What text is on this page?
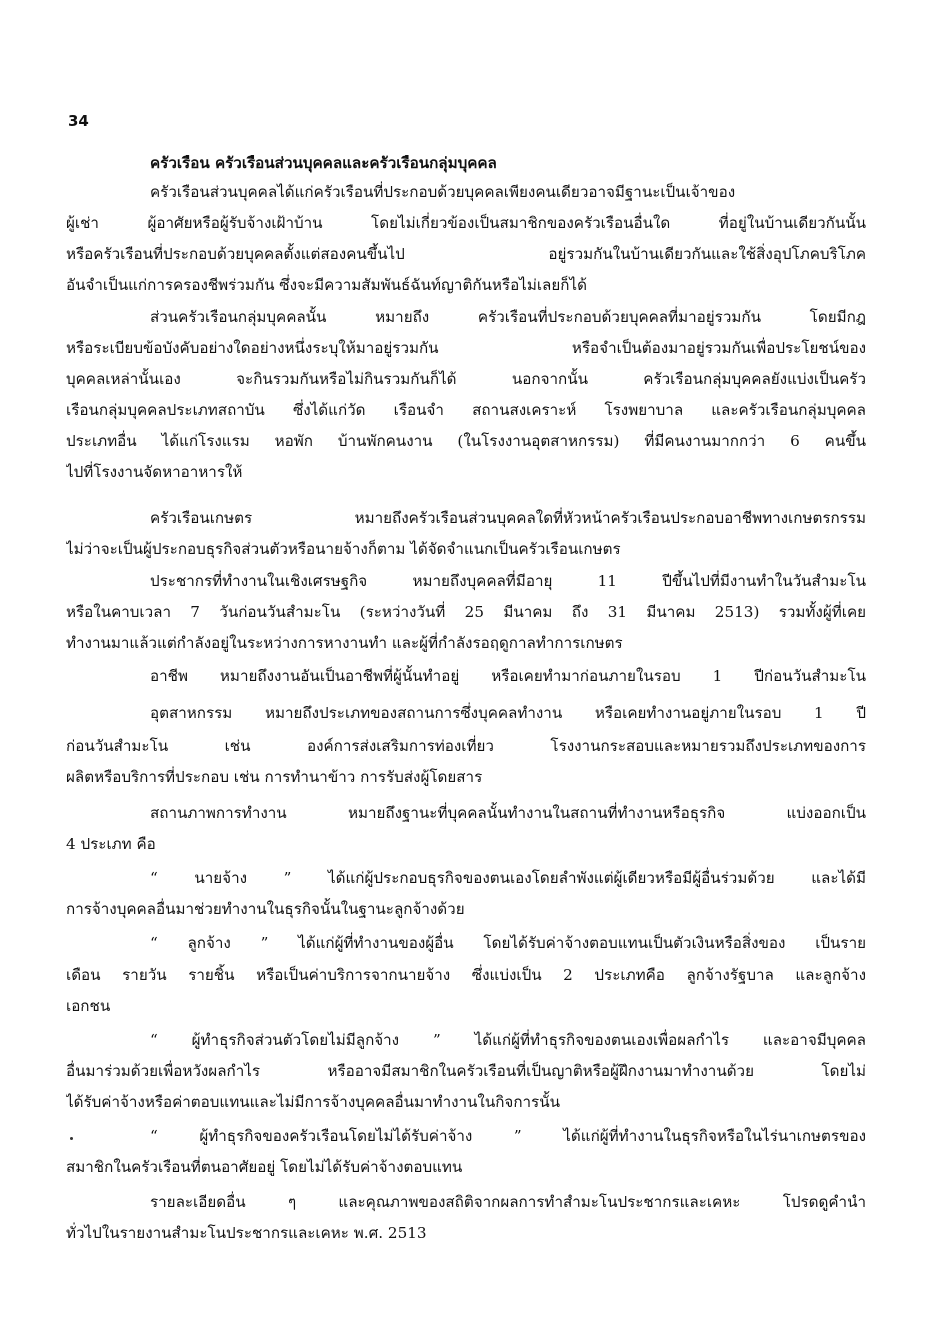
34
ครัวเรือน ครัวเรือนส่วนบุคคลและครัวเรือนกลุ่มบุคคล
ครัวเรือนส่วนบุคคลได้แก่ครัวเรือนที่ประกอบด้วยบุคคลเพียงคนเดียวอาจมีฐานะเป็นเจ้าของ
ผู้เช่า ผู้อาศัยหรือผู้รับจ้างเฝ้าบ้าน โดยไม่เกี่ยวข้องเป็นสมาชิกของครัวเรือนอื่นใด ที่อยู่ในบ้านเดียวกันนั้น
หรือครัวเรือนที่ประกอบด้วยบุคคลตั้งแต่สองคนขึ้นไป อยู่รวมกันในบ้านเดียวกันและใช้สิ่งอุปโภคบริโภค
อันจำเป็นแก่การครองชีพร่วมกัน ซึ่งจะมีความสัมพันธ์ฉันท์ญาติกันหรือไม่เลยก็ได้
ส่วนครัวเรือนกลุ่มบุคคลนั้น หมายถึง ครัวเรือนที่ประกอบด้วยบุคคลที่มาอยู่รวมกัน โดยมีกฎ
หรือระเบียบข้อบังคับอย่างใดอย่างหนึ่งระบุให้มาอยู่รวมกัน หรือจำเป็นต้องมาอยู่รวมกันเพื่อประโยชน์ของ
บุคคลเหล่านั้นเอง จะกินรวมกันหรือไม่กินรวมกันก็ได้ นอกจากนั้น ครัวเรือนกลุ่มบุคคลยังแบ่งเป็นครัว
เรือนกลุ่มบุคคลประเภทสถาบัน ซึ่งได้แก่วัด เรือนจำ สถานสงเคราะห์ โรงพยาบาล และครัวเรือนกลุ่มบุคคล
ประเภทอื่น ได้แก่โรงแรม หอพัก บ้านพักคนงาน (ในโรงงานอุตสาหกรรม) ที่มีคนงานมากกว่า 6 คนขึ้น
ไปที่โรงงานจัดหาอาหารให้
ครัวเรือนเกษตร หมายถึงครัวเรือนส่วนบุคคลใดที่หัวหน้าครัวเรือนประกอบอาชีพทางเกษตรกรรม
ไม่ว่าจะเป็นผู้ประกอบธุรกิจส่วนตัวหรือนายจ้างก็ตาม ได้จัดจำแนกเป็นครัวเรือนเกษตร
ประชากรที่ทำงานในเชิงเศรษฐกิจ หมายถึงบุคคลที่มีอายุ 11 ปีขึ้นไปที่มีงานทำในวันสำมะโน
หรือในคาบเวลา 7 วันก่อนวันสำมะโน (ระหว่างวันที่ 25 มีนาคม ถึง 31 มีนาคม 2513) รวมทั้งผู้ที่เคย
ทำงานมาแล้วแต่กำลังอยู่ในระหว่างการหางานทำ และผู้ที่กำลังรอฤดูกาลทำการเกษตร
อาชีพ หมายถึงงานอันเป็นอาชีพที่ผู้นั้นทำอยู่ หรือเคยทำมาก่อนภายในรอบ 1 ปีก่อนวันสำมะโน
อุตสาหกรรม หมายถึงประเภทของสถานการซึ่งบุคคลทำงาน หรือเคยทำงานอยู่ภายในรอบ 1 ปี
ก่อนวันสำมะโน เช่น องค์การส่งเสริมการท่องเที่ยว โรงงานกระสอบและหมายรวมถึงประเภทของการ
ผลิตหรือบริการที่ประกอบ เช่น การทำนาข้าว การรับส่งผู้โดยสาร
สถานภาพการทำงาน หมายถึงฐานะที่บุคคลนั้นทำงานในสถานที่ทำงานหรือธุรกิจ แบ่งออกเป็น
4 ประเภท คือ
“ นายจ้าง ” ได้แก่ผู้ประกอบธุรกิจของตนเองโดยลำพังแต่ผู้เดียวหรือมีผู้อื่นร่วมด้วย และได้มี
การจ้างบุคคลอื่นมาช่วยทำงานในธุรกิจนั้นในฐานะลูกจ้างด้วย
“ ลูกจ้าง ” ได้แก่ผู้ที่ทำงานของผู้อื่น โดยได้รับค่าจ้างตอบแทนเป็นตัวเงินหรือสิ่งของ เป็นราย
เดือน รายวัน รายชิ้น หรือเป็นค่าบริการจากนายจ้าง ซึ่งแบ่งเป็น 2 ประเภทคือ ลูกจ้างรัฐบาล และลูกจ้าง
เอกชน
“ ผู้ทำธุรกิจส่วนตัวโดยไม่มีลูกจ้าง ” ได้แก่ผู้ที่ทำธุรกิจของตนเองเพื่อผลกำไร และอาจมีบุคคล
อื่นมาร่วมด้วยเพื่อหวังผลกำไร หรืออาจมีสมาชิกในครัวเรือนที่เป็นญาติหรือผู้ฝึกงานมาทำงานด้วย โดยไม่
ได้รับค่าจ้างหรือค่าตอบแทนและไม่มีการจ้างบุคคลอื่นมาทำงานในกิจการนั้น
“ ผู้ทำธุรกิจของครัวเรือนโดยไม่ได้รับค่าจ้าง ” ได้แก่ผู้ที่ทำงานในธุรกิจหรือในไร่นาเกษตรของ
สมาชิกในครัวเรือนที่ตนอาศัยอยู่ โดยไม่ได้รับค่าจ้างตอบแทน
รายละเอียดอื่น ๆ และคุณภาพของสถิติจากผลการทำสำมะโนประชากรและเคหะ โปรดดูคำนำ
ทั่วไปในรายงานสำมะโนประชากรและเคหะ พ.ศ. 2513
